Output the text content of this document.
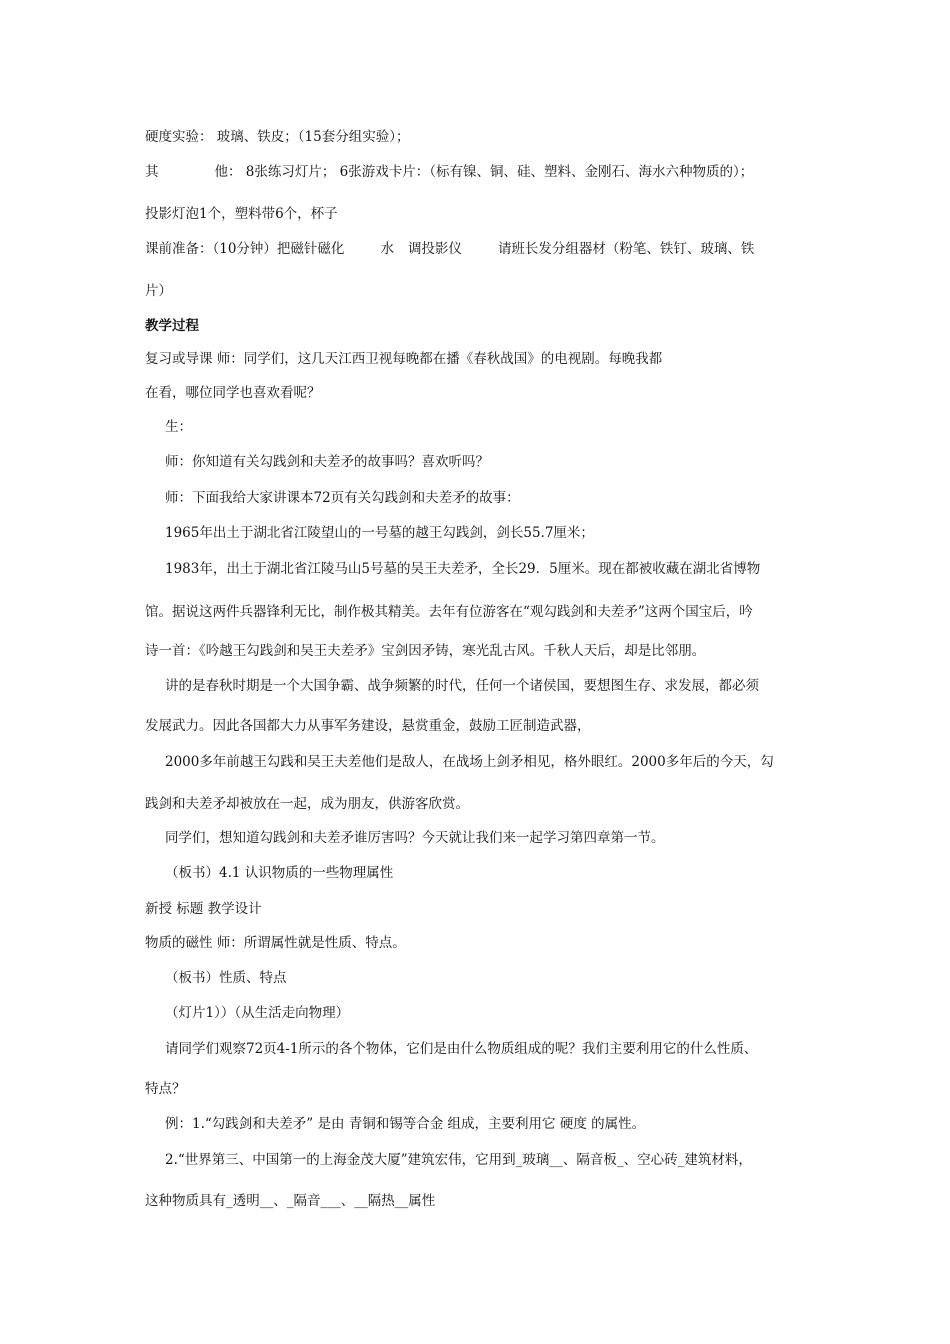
硬度实验： 玻璃、铁皮；（15套分组实验）；
其	他： 8张练习灯片； 6张游戏卡片：（标有镍、铜、硅、塑料、金刚石、海水六种物质的）；
投影灯泡1个，塑料带6个，杯子
课前准备：（10分钟）把磁针磁化	水 调投影仪	请班长发分组器材（粉笔、铁钉、玻璃、铁
片）
教学过程
复习或导课 师：同学们，这几天江西卫视每晚都在播《春秋战国》的电视剧。每晚我都
在看，哪位同学也喜欢看呢？
生：
师：你知道有关勾践剑和夫差矛的故事吗？喜欢听吗？
师：下面我给大家讲课本72页有关勾践剑和夫差矛的故事：
1965年出土于湖北省江陵望山的一号墓的越王勾践剑，剑长55.7厘米；
1983年，出土于湖北省江陵马山5号墓的吴王夫差矛，全长29．5厘米。现在都被收藏在湖北省博物
馆。据说这两件兵器锋利无比，制作极其精美。去年有位游客在“观勾践剑和夫差矛”这两个国宝后，吟
诗一首：《吟越王勾践剑和吴王夫差矛》宝剑因矛铸，寒光乱古风。千秋人天后，却是比邻朋。
讲的是春秋时期是一个大国争霸、战争频繁的时代，任何一个诸侯国，要想图生存、求发展，都必须
发展武力。因此各国都大力从事军务建设，悬赏重金，鼓励工匠制造武器，
2000多年前越王勾践和吴王夫差他们是敌人，在战场上剑矛相见，格外眼红。2000多年后的今天，勾
践剑和夫差矛却被放在一起，成为朋友，供游客欣赏。
同学们，想知道勾践剑和夫差矛谁厉害吗？今天就让我们来一起学习第四章第一节。
（板书）4.1 认识物质的一些物理属性
新授 标题 教学设计
物质的磁性 师：所谓属性就是性质、特点。
（板书）性质、特点
（灯片1））（从生活走向物理）
请同学们观察72页4-1所示的各个物体，它们是由什么物质组成的呢？我们主要利用它的什么性质、
特点？
例：1.“勾践剑和夫差矛” 是由 青铜和锡等合金 组成，主要利用它 硬度 的属性。
2.“世界第三、中国第一的上海金茂大厦”建筑宏伟，它用到_玻璃__、隔音板_、空心砖_建筑材料，
这种物质具有_透明__、_隔音___、__隔热__属性
